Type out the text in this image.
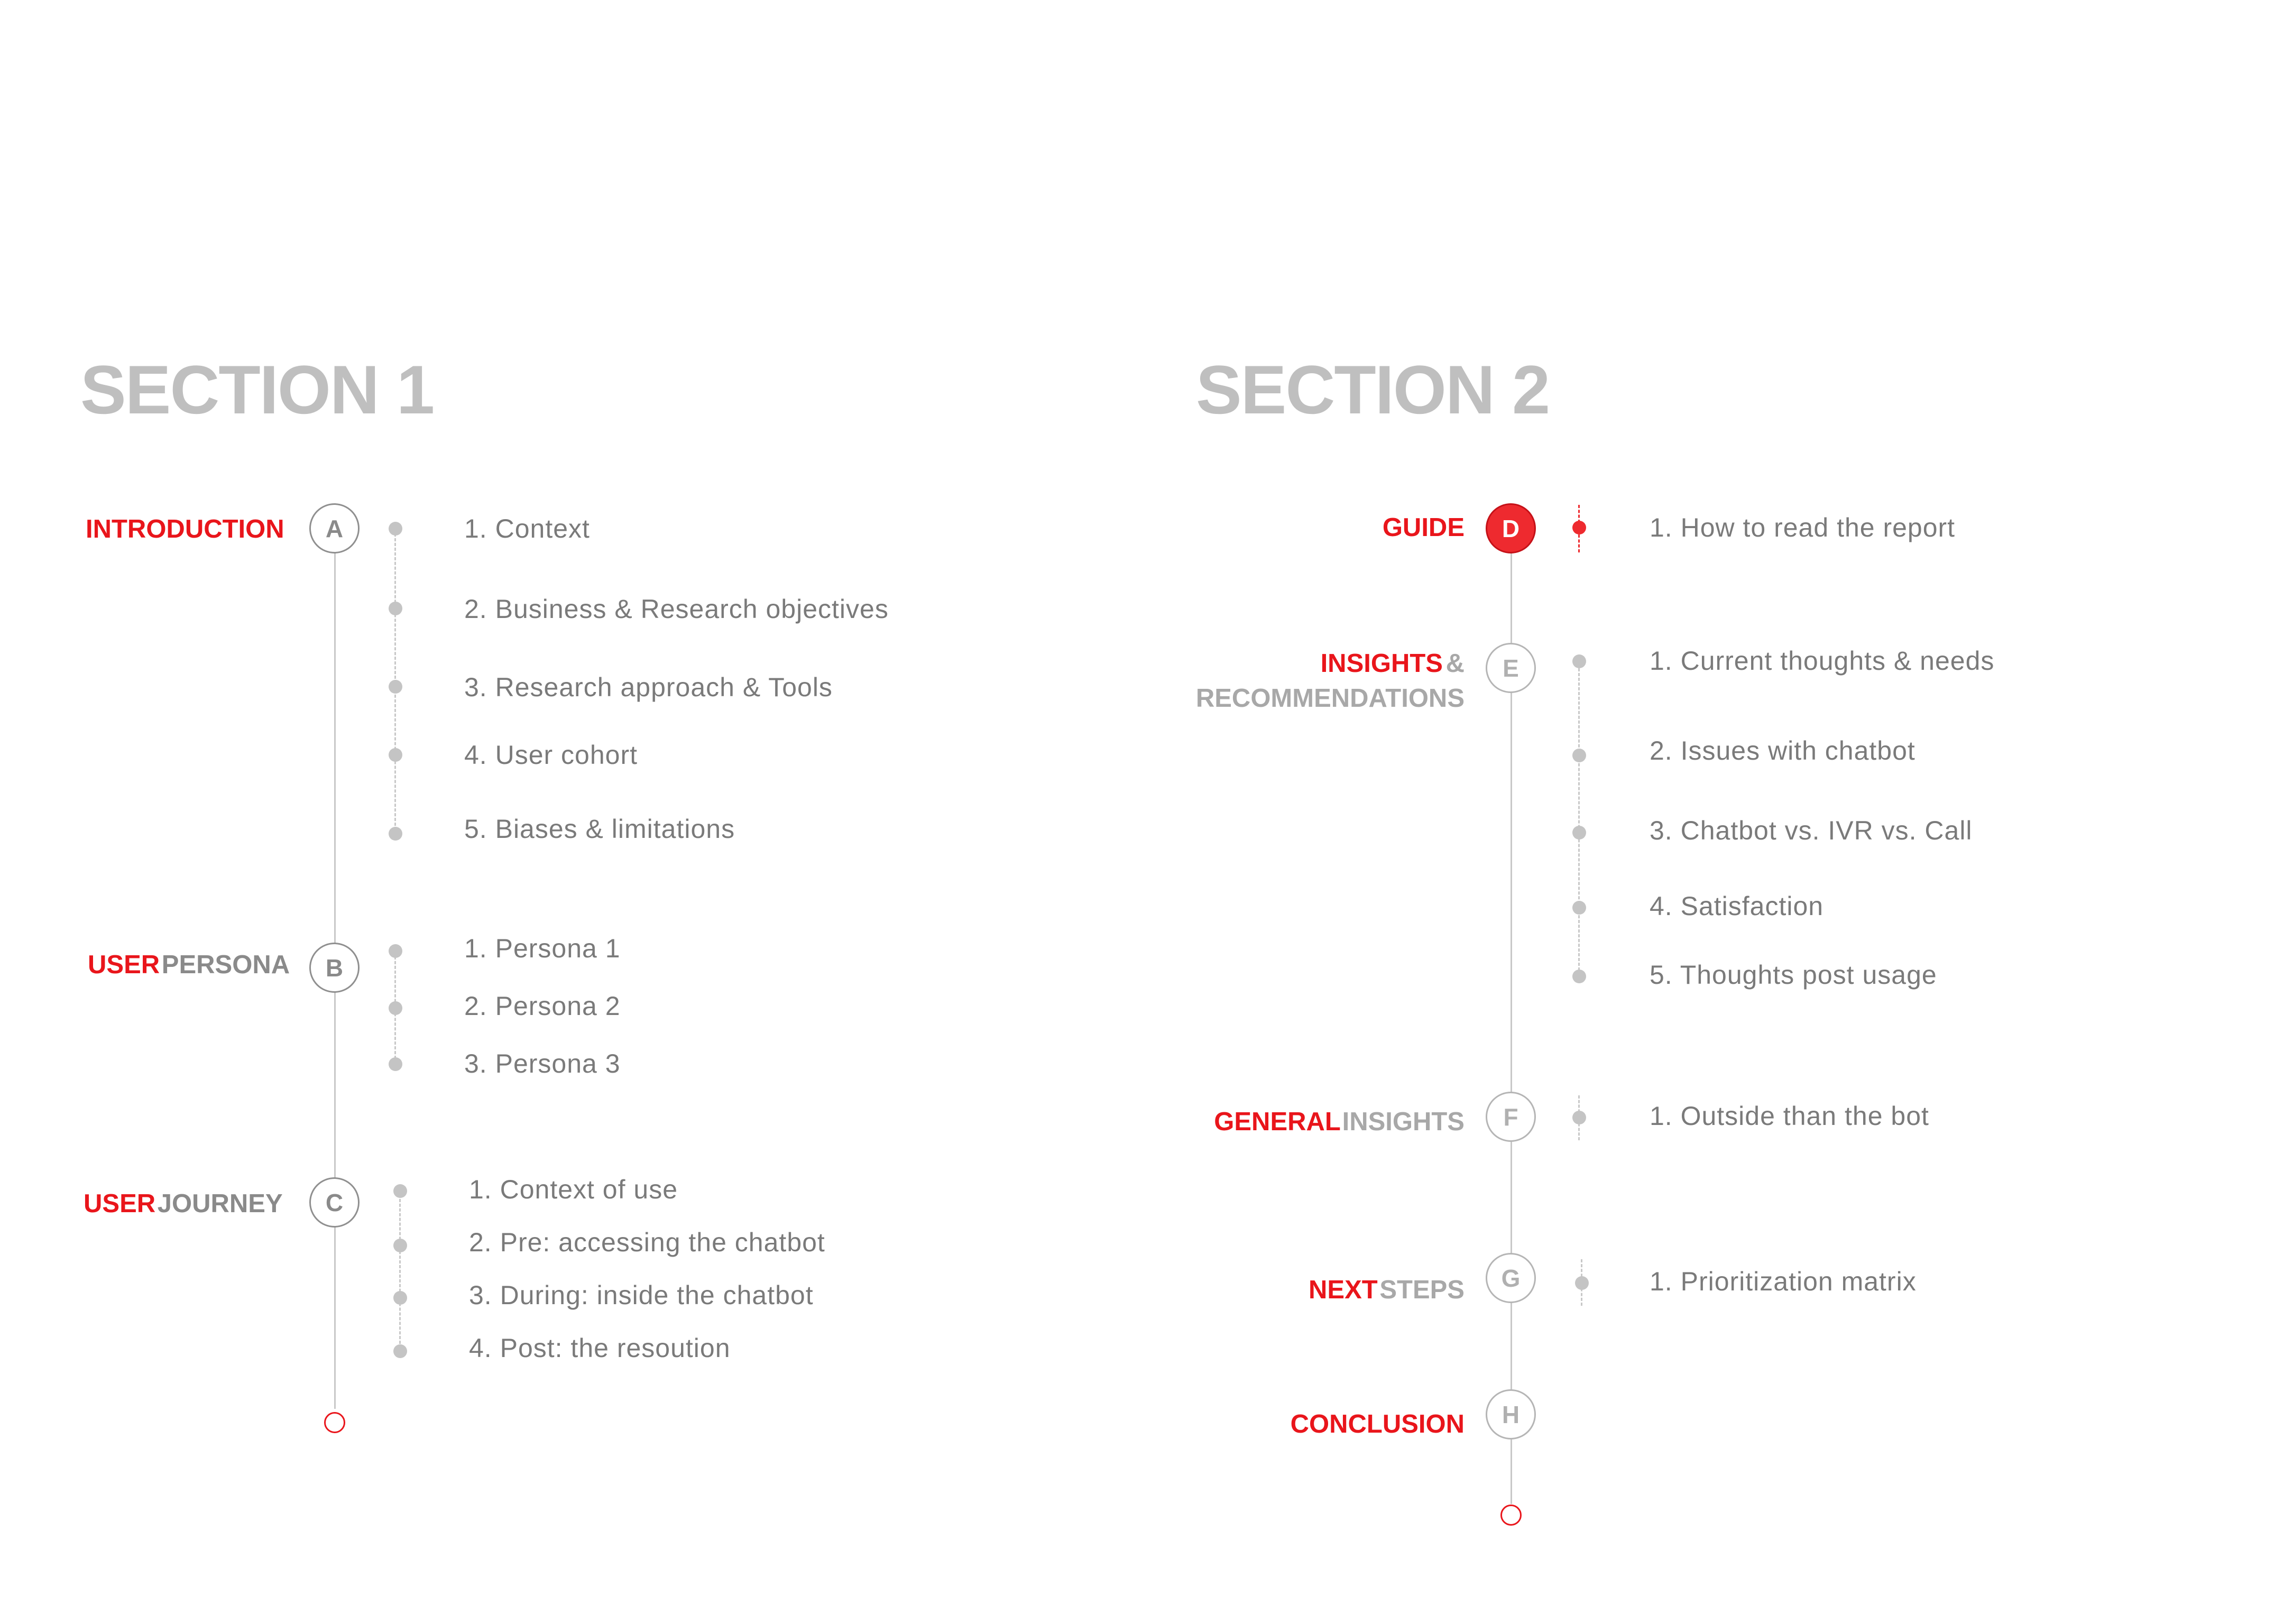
SECTION 1
INTRODUCTION A	1. Context
2. Business & Research objectives
3. Research approach & Tools
4. User cohort
5. Biases & limitations
USER PERSONA B
1. Persona 1
2. Persona 2
3. Persona 3
USER JOURNEY C	1. Context of use
2. Pre: accessing the chatbot
3. During: inside the chatbot
4. Post: the resoution
SECTION 2
GUIDE D	1. How to read the report
INSIGHTS &
RECOMMENDATIONS
E	1. Current thoughts & needs
2. Issues with chatbot
3. Chatbot vs. IVR vs. Call
4. Satisfaction
5. Thoughts post usage
GENERAL INSIGHTS F	1. Outside than the bot
NEXT STEPS G	1. Prioritization matrix
CONCLUSION H
